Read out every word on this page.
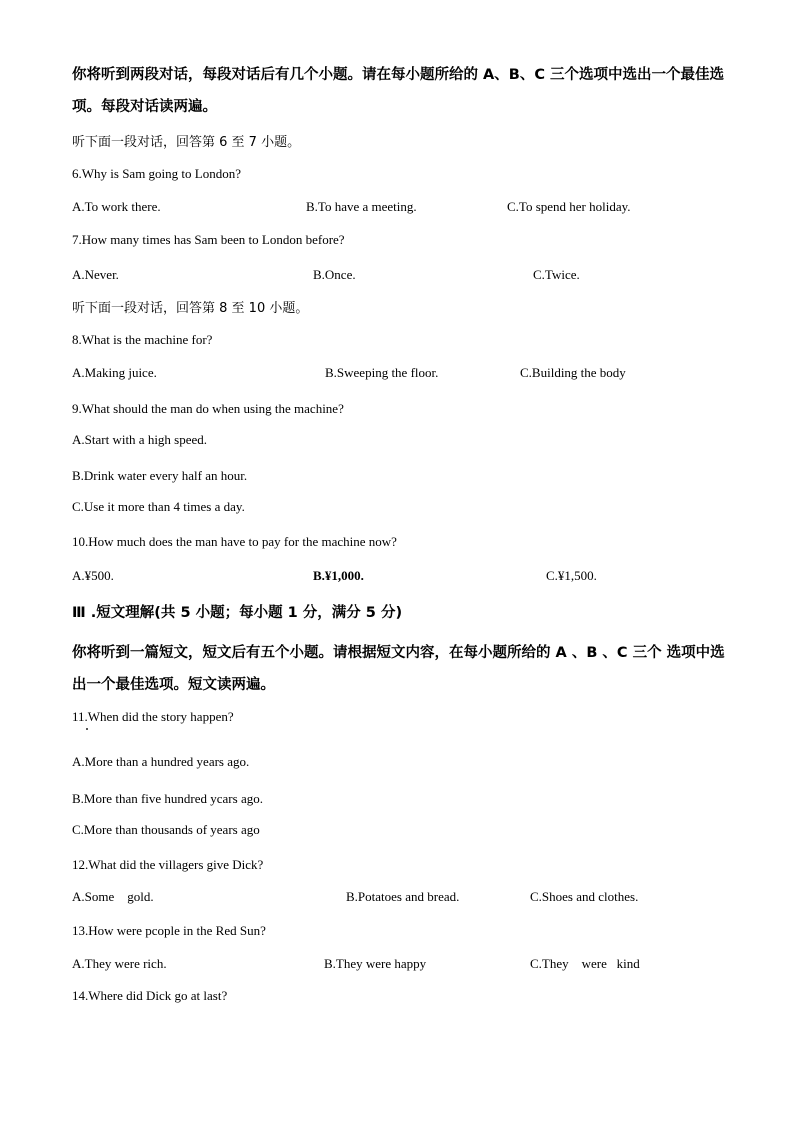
你将听到两段对话，每段对话后有几个小题。请在每小题所给的 A、B、C 三个选项中选出一个最佳选项。每段对话读两遍。
听下面一段对话，回答第 6 至 7 小题。
6.Why is Sam going to London?
A.To work there.	B.To have a meeting.	C.To spend her holiday.
7.How many times has Sam been to London before?
A.Never.	B.Once.	C.Twice.
听下面一段对话，回答第 8 至 10 小题。
8.What is the machine for?
A.Making juice.	B.Sweeping the floor.	C.Building the body
9.What should the man do when using the machine?
A.Start with a high speed.
B.Drink water every half an hour.
C.Use it more than 4 times a day.
10.How much does the man have to pay for the machine now?
A.¥500.	B.¥1,000.	C.¥1,500.
Ⅲ .短文理解(共 5 小题；每小题 1 分，满分 5 分)
你将听到一篇短文，短文后有五个小题。请根据短文内容，在每小题所给的 A 、B 、C 三个 选项中选出一个最佳选项。短文读两遍。
11.When did the story happen?
A.More than a hundred years ago.
B.More than five hundred ycars ago.
C.More than thousands of years ago
12.What did the villagers give Dick?
A.Some    gold.	B.Potatoes and bread.	C.Shoes and clothes.
13.How were pcople in the Red Sun?
A.They were rich.	B.They were happy	C.They    were   kind
14.Where did Dick go at last?
